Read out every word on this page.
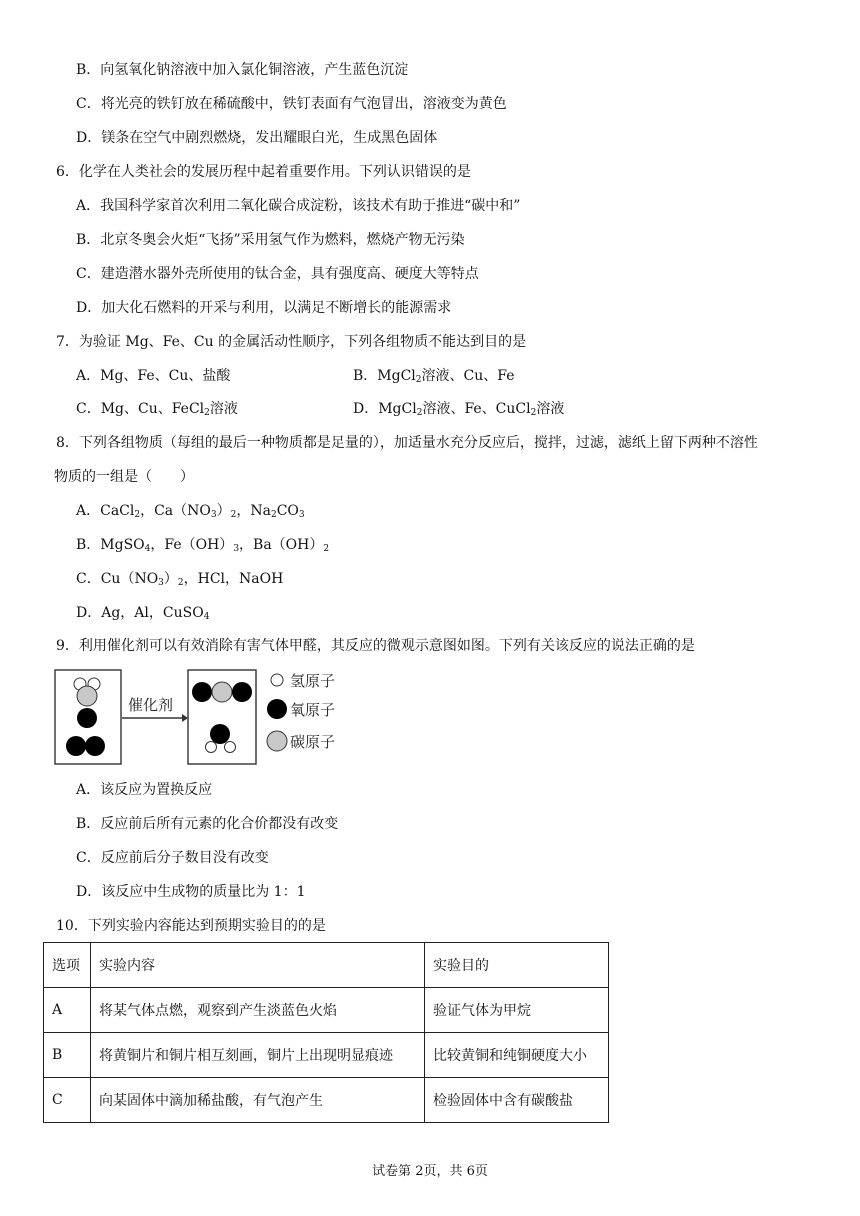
B．向氢氧化钠溶液中加入氯化铜溶液，产生蓝色沉淀
C．将光亮的铁钉放在稀硫酸中，铁钉表面有气泡冒出，溶液变为黄色
D．镁条在空气中剧烈燃烧，发出耀眼白光，生成黑色固体
6．化学在人类社会的发展历程中起着重要作用。下列认识错误的是
A．我国科学家首次利用二氧化碳合成淀粉，该技术有助于推进“碳中和”
B．北京冬奥会火炬“飞扬”采用氢气作为燃料，燃烧产物无污染
C．建造潜水器外壳所使用的钛合金，具有强度高、硬度大等特点
D．加大化石燃料的开采与利用，以满足不断增长的能源需求
7．为验证 Mg、Fe、Cu 的金属活动性顺序，下列各组物质不能达到目的是
A．Mg、Fe、Cu、盐酸	B．MgCl$_2$溶液、Cu、Fe
C．Mg、Cu、FeCl$_2$溶液	D．MgCl$_2$溶液、Fe、CuCl$_2$溶液
8．下列各组物质（每组的最后一种物质都是足量的），加适量水充分反应后，搅拌，过滤，滤纸上留下两种不溶性
物质的一组是（　　）
A．CaCl$_2$，$Ca(NO_3)_2$，$Na_2CO_3$
B．MgSO$_4$，$Fe(OH)_3$，$Ba(OH)_2$
C．$Cu(NO_3)_2$，HCl，NaOH
D．Ag，Al，CuSO$_4$
9．利用催化剂可以有效消除有害气体甲醛，其反应的微观示意图如图。下列有关该反应的说法正确的是
催化剂
氢原子
氧原子
碳原子
A．该反应为置换反应
B．反应前后所有元素的化合价都没有改变
C．反应前后分子数目没有改变
D．该反应中生成物的质量比为 1：1
10．下列实验内容能达到预期实验目的的是
选项	实验内容	实验目的
A	将某气体点燃，观察到产生淡蓝色火焰	验证气体为甲烷
B	将黄铜片和铜片相互刻画，铜片上出现明显痕迹	比较黄铜和纯铜硬度大小
C	向某固体中滴加稀盐酸，有气泡产生	检验固体中含有碳酸盐
试卷第 2页，共 6页
